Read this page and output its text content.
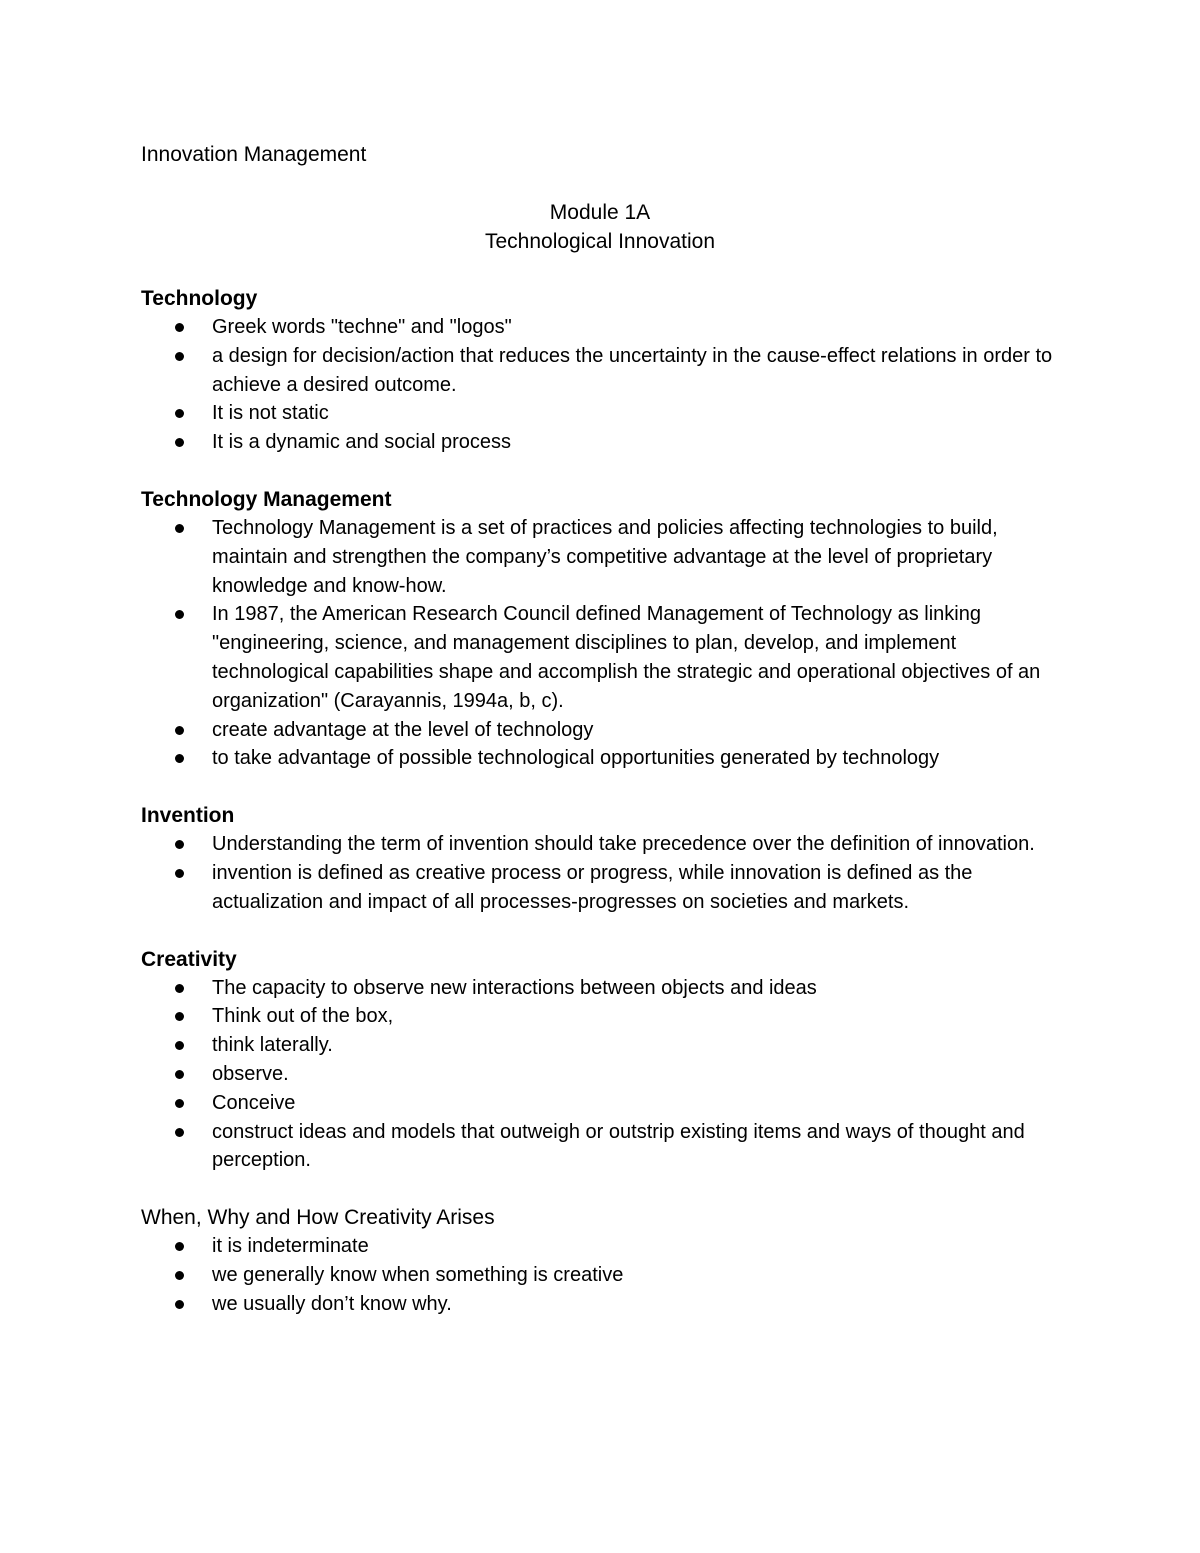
Innovation Management
Module 1A
Technological Innovation
Technology
Greek words "techne" and "logos"
a design for decision/action that reduces the uncertainty in the cause-effect relations in order to achieve a desired outcome.
It is not static
It is a dynamic and social process
Technology Management
Technology Management is a set of practices and policies affecting technologies to build, maintain and strengthen the company’s competitive advantage at the level of proprietary knowledge and know-how.
In 1987, the American Research Council defined Management of Technology as linking "engineering, science, and management disciplines to plan, develop, and implement technological capabilities shape and accomplish the strategic and operational objectives of an organization" (Carayannis, 1994a, b, c).
create advantage at the level of technology
to take advantage of possible technological opportunities generated by technology
Invention
Understanding the term of invention should take precedence over the definition of innovation.
invention is defined as creative process or progress, while innovation is defined as the actualization and impact of all processes-progresses on societies and markets.
Creativity
The capacity to observe new interactions between objects and ideas
Think out of the box,
think laterally.
observe.
Conceive
construct ideas and models that outweigh or outstrip existing items and ways of thought and perception.
When, Why and How Creativity Arises
it is indeterminate
we generally know when something is creative
we usually don’t know why.
